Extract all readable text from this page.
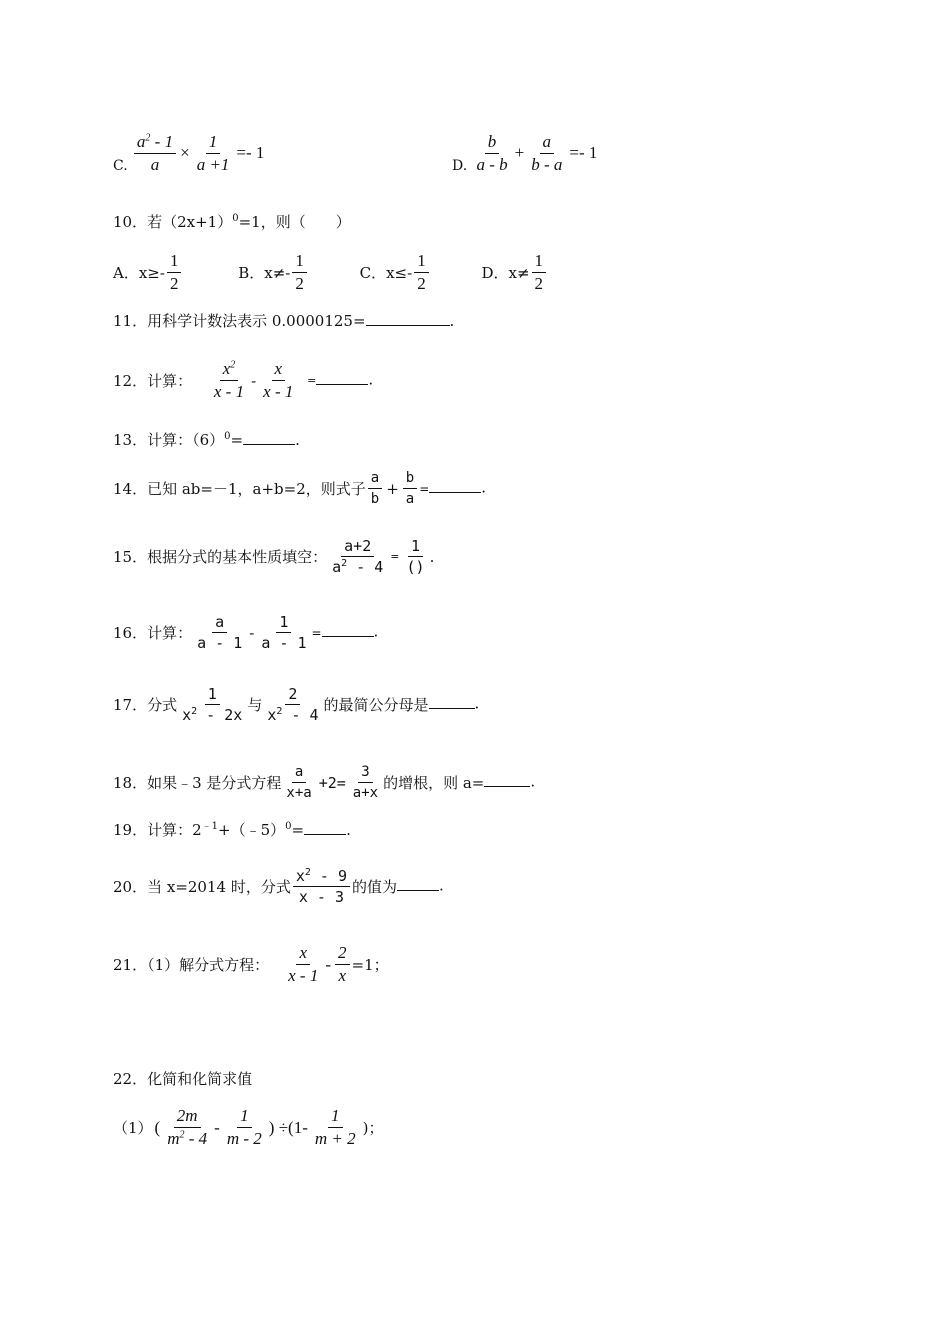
C. $\frac{a^2 - 1}{a} \times \frac{1}{a +1} =- 1$
D. $\frac{b}{a - b} + \frac{a}{b - a} =- 1$
10．若$(2x+1)^0=1$，则（　　）
A．$x\ge- \frac{1}{2}$	B．$x\ne- \frac{1}{2}$	C．$x\le- \frac{1}{2}$	D．$x\ne \frac{1}{2}$
11．用科学计数法表示 0.0000125=	.
12．计算： $\frac{x^2}{x - 1} - \frac{x}{x - 1}$ =	.
13．计算：$(6)^0=$	.
14．已知 ab=－1，a+b=2，则式子 $\frac{a}{b} + \frac{b}{a}$ =	.
15．根据分式的基本性质填空： $\frac{a+2}{a^2 - 4} = \frac{1}{()}$ .
16．计算： $\frac{a}{a - 1} - \frac{1}{a - 1}$ =	.
17．分式 $\frac{1}{x^2 - 2x}$ 与 $\frac{2}{x^2 - 4}$ 的最简公分母是	.
18．如果﹣3 是分式方程 $\frac{a}{x+a} +2= \frac{3}{a+x}$ 的增根，则 a=	.
19．计算：$2^{﹣1}+(﹣5)^0=$	.
20．当 x=2014 时，分式 $\frac{x^2 - 9}{x - 3}$ 的值为	.
21．（1）解分式方程： $\frac{x}{x - 1} - \frac{2}{x} =1$；
22．化简和化简求值
（1） ( $\frac{2m}{m^2 - 4} - \frac{1}{m - 2}$ ) $\div(1- \frac{1}{m + 2}$ )；
